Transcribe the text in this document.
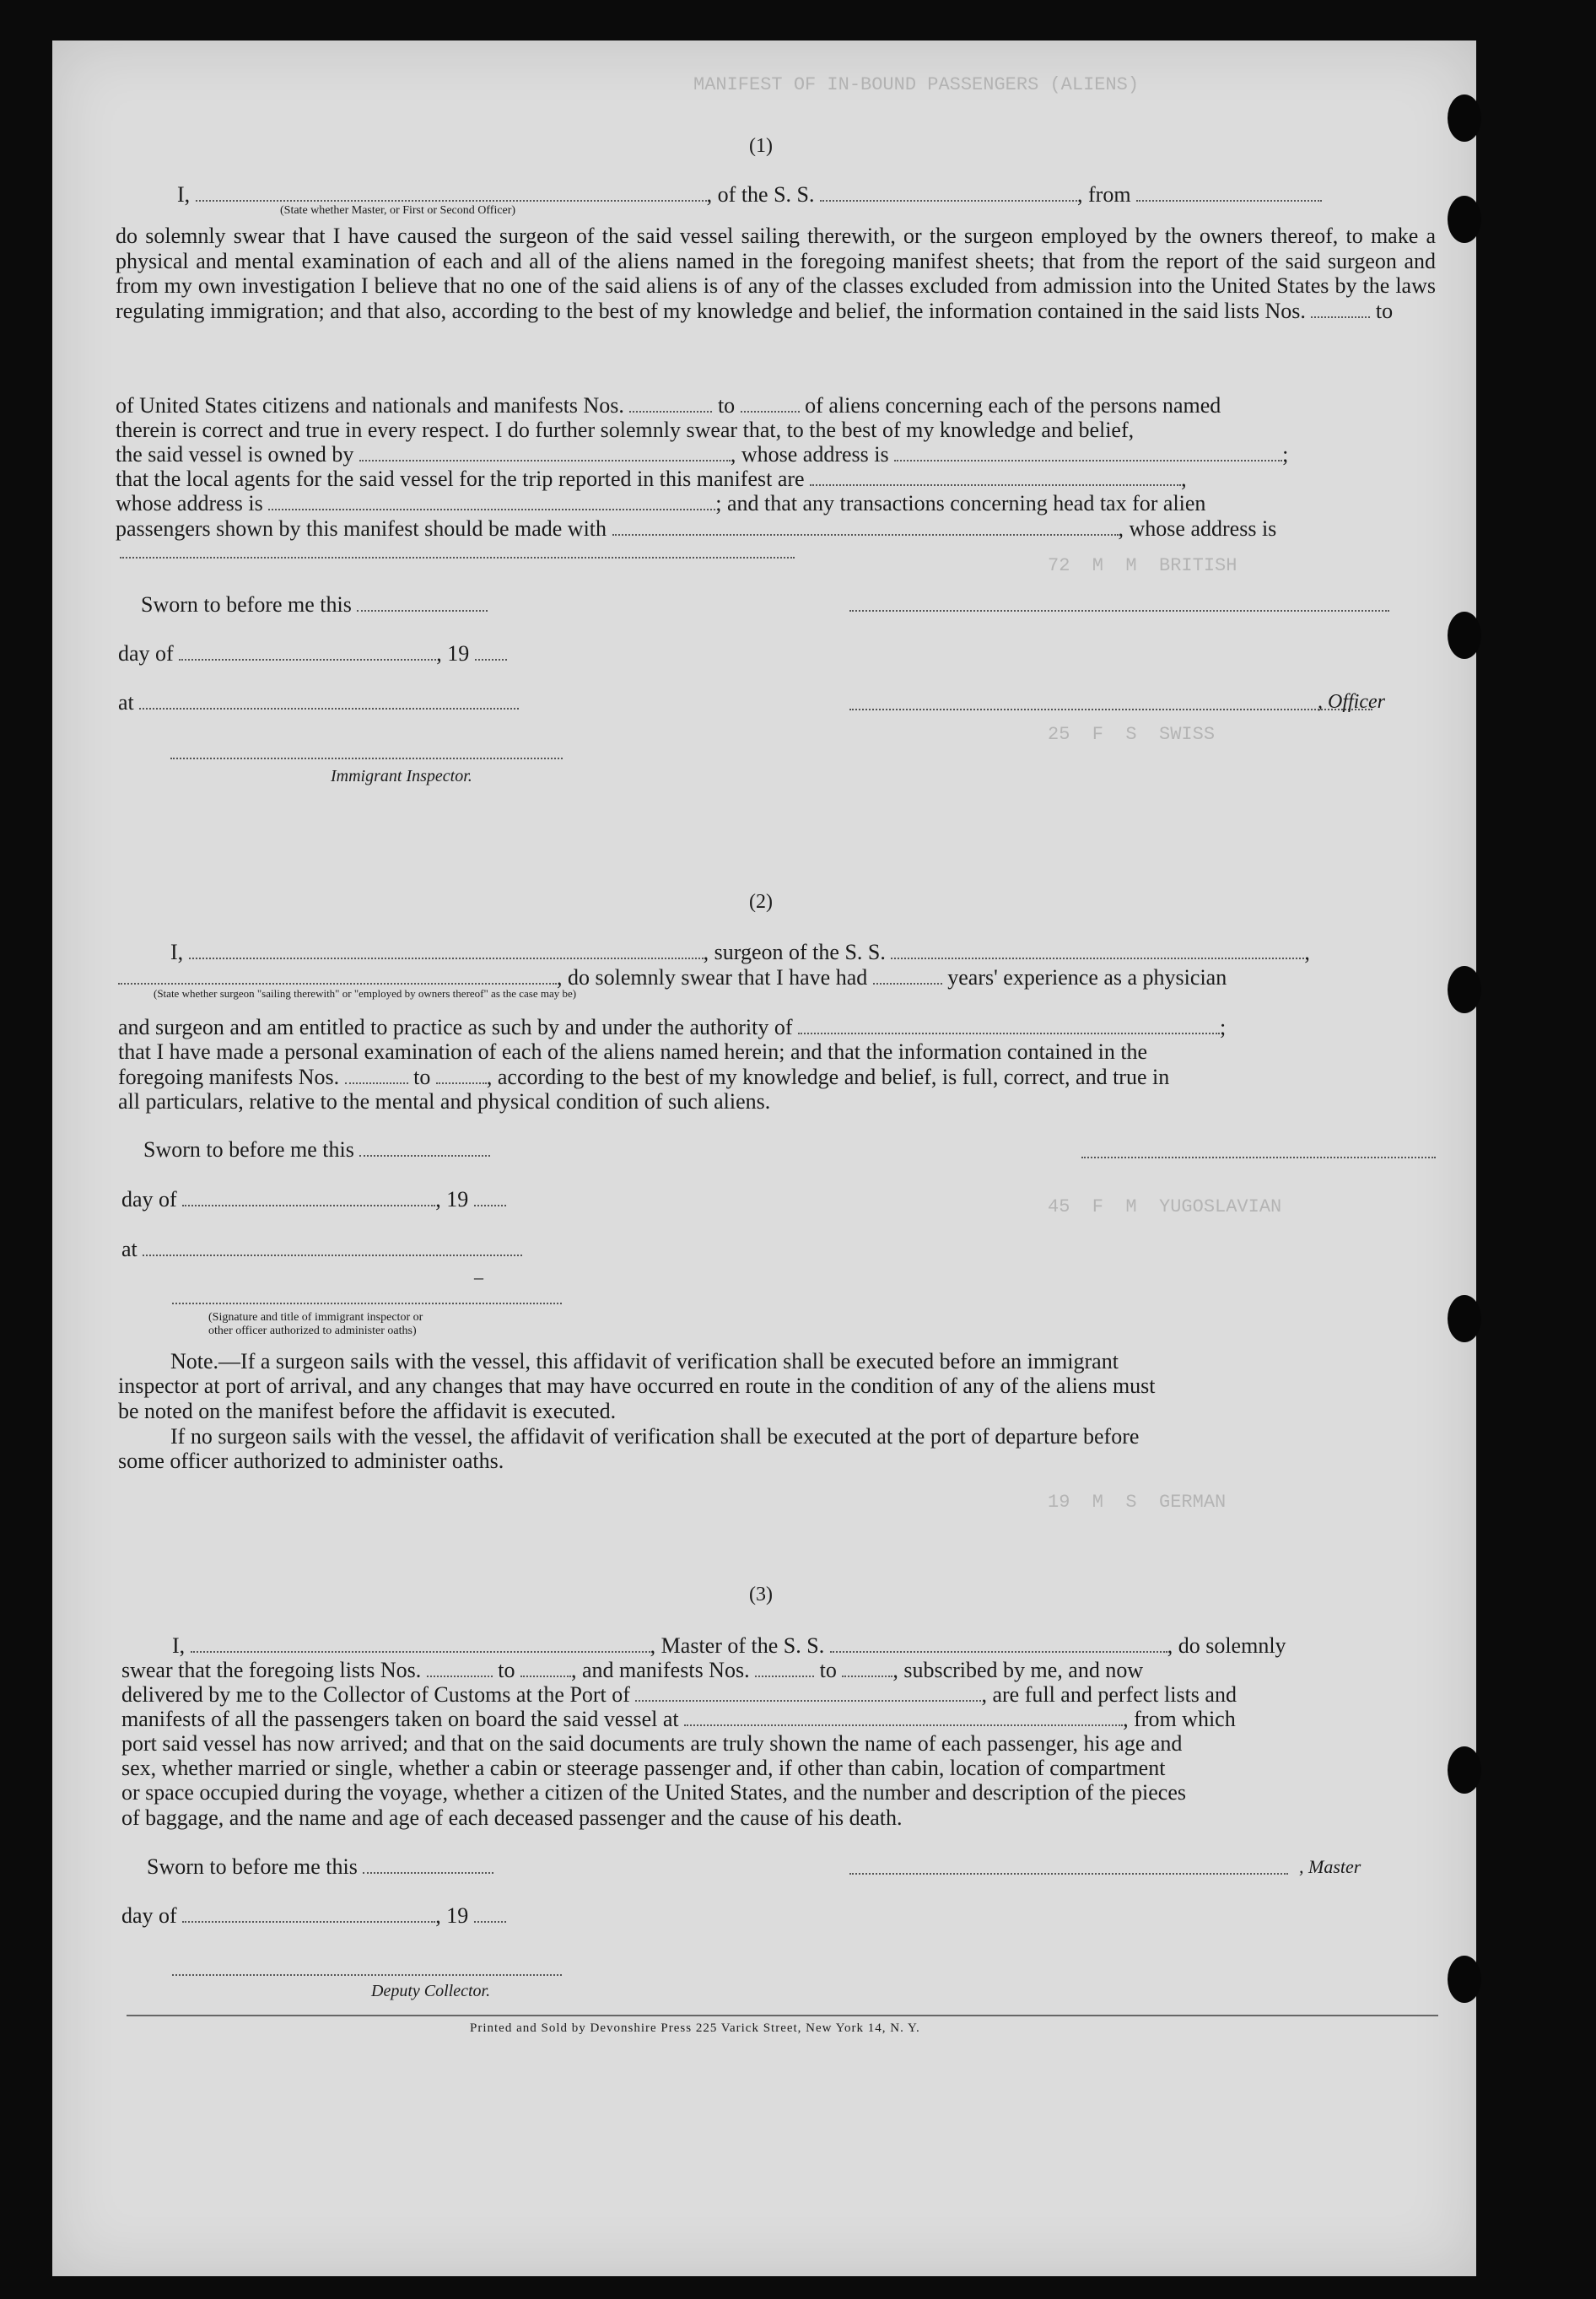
MANIFEST OF IN-BOUND PASSENGERS (ALIENS)
72  M  M  BRITISH
25  F  S  SWISS
45  F  M  YUGOSLAVIAN
19  M  S  GERMAN
(1)
I,	, of the S. S.	, from
(State whether Master, or First or Second Officer)
do solemnly swear that I have caused the surgeon of the said vessel sailing therewith, or the surgeon employed by the owners thereof, to make a physical and mental examination of each and all of the aliens named in the foregoing manifest sheets; that from the report of the said surgeon and from my own investigation I believe that no one of the said aliens is of any of the classes excluded from admission into the United States by the laws regulating immigration; and that also, according to the best of my knowledge and belief, the information contained in the said lists Nos.	to
of United States citizens and nationals and manifests Nos.	to	of aliens concerning each of the persons named
therein is correct and true in every respect. I do further solemnly swear that, to the best of my knowledge and belief,
the said vessel is owned by	, whose address is	;
that the local agents for the said vessel for the trip reported in this manifest are	,
whose address is	; and that any transactions concerning head tax for alien
passengers shown by this manifest should be made with	, whose address is
Sworn to before me this
day of	, 19
at	, Officer
Immigrant Inspector.
(2)
I,	, surgeon of the S. S.	,
, do solemnly swear that I have had	years' experience as a physician
(State whether surgeon "sailing therewith" or "employed by owners thereof" as the case may be)
and surgeon and am entitled to practice as such by and under the authority of	;
that I have made a personal examination of each of the aliens named herein; and that the information contained in the
foregoing manifests Nos.	to	, according to the best of my knowledge and belief, is full, correct, and true in
all particulars, relative to the mental and physical condition of such aliens.
Sworn to before me this
day of	, 19
at
–
(Signature and title of immigrant inspector or
other officer authorized to administer oaths)
Note.—If a surgeon sails with the vessel, this affidavit of verification shall be executed before an immigrant
inspector at port of arrival, and any changes that may have occurred en route in the condition of any of the aliens must
be noted on the manifest before the affidavit is executed.
If no surgeon sails with the vessel, the affidavit of verification shall be executed at the port of departure before
some officer authorized to administer oaths.
(3)
I,	, Master of the S. S.	, do solemnly
swear that the foregoing lists Nos.	to	, and manifests Nos.	to	, subscribed by me, and now
delivered by me to the Collector of Customs at the Port of	, are full and perfect lists and
manifests of all the passengers taken on board the said vessel at	, from which
port said vessel has now arrived; and that on the said documents are truly shown the name of each passenger, his age and
sex, whether married or single, whether a cabin or steerage passenger and, if other than cabin, location of compartment
or space occupied during the voyage, whether a citizen of the United States, and the number and description of the pieces
of baggage, and the name and age of each deceased passenger and the cause of his death.
Sworn to before me this	, Master
day of	, 19
Deputy Collector.
Printed and Sold by Devonshire Press 225 Varick Street, New York 14, N. Y.
